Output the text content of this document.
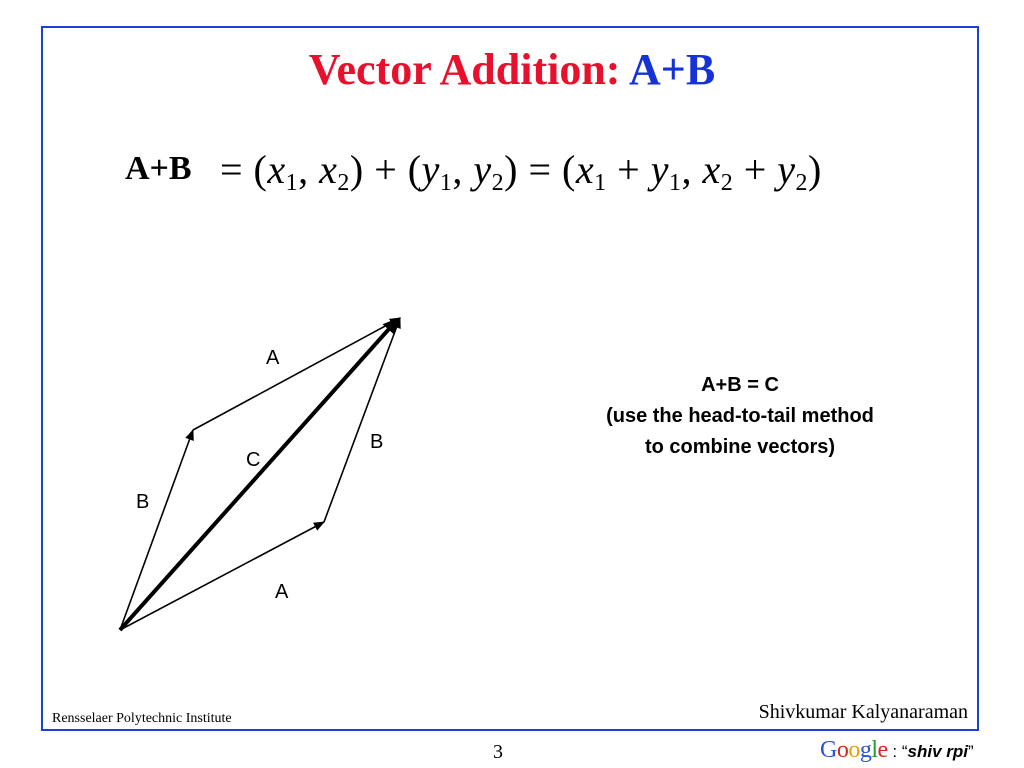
Vector Addition: A+B
$A+B = (x_1$, $x_2) + (y_1$, $y_2) = (x_1 + y_1$, $x_2 + y_2$)
A
B
C
B
A
A+B = C
(use the head-to-tail method
to combine vectors)
Rensselaer Polytechnic Institute	Shivkumar Kalyanaraman
3	Google : “shiv rpi”
